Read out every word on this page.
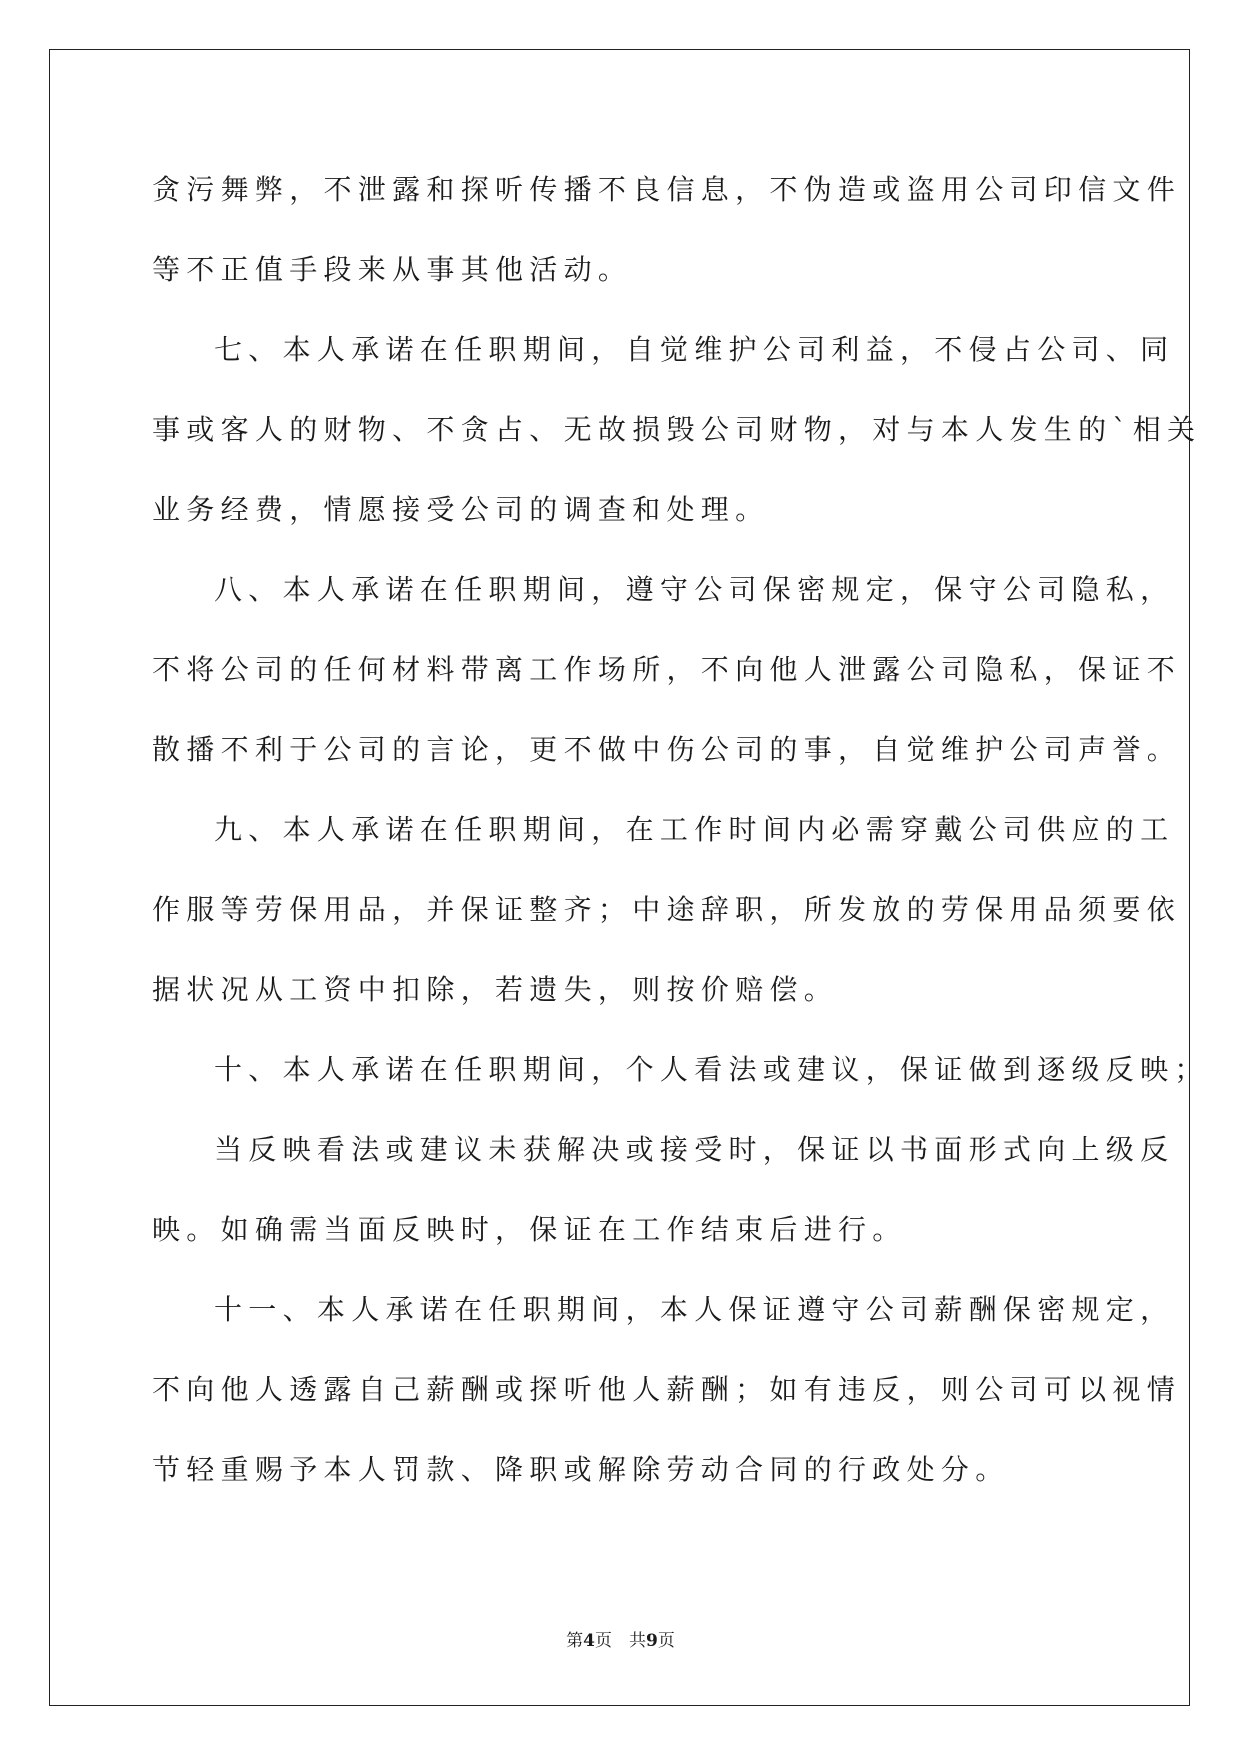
贪污舞弊，不泄露和探听传播不良信息，不伪造或盗用公司印信文件
等不正值手段来从事其他活动。
七、本人承诺在任职期间，自觉维护公司利益，不侵占公司、同
事或客人的财物、不贪占、无故损毁公司财物，对与本人发生的`相关
业务经费，情愿接受公司的调查和处理。
八、本人承诺在任职期间，遵守公司保密规定，保守公司隐私，
不将公司的任何材料带离工作场所，不向他人泄露公司隐私，保证不
散播不利于公司的言论，更不做中伤公司的事，自觉维护公司声誉。
九、本人承诺在任职期间，在工作时间内必需穿戴公司供应的工
作服等劳保用品，并保证整齐；中途辞职，所发放的劳保用品须要依
据状况从工资中扣除，若遗失，则按价赔偿。
十、本人承诺在任职期间，个人看法或建议，保证做到逐级反映；
当反映看法或建议未获解决或接受时，保证以书面形式向上级反
映。如确需当面反映时，保证在工作结束后进行。
十一、本人承诺在任职期间，本人保证遵守公司薪酬保密规定，
不向他人透露自己薪酬或探听他人薪酬；如有违反，则公司可以视情
节轻重赐予本人罚款、降职或解除劳动合同的行政处分。
第4页　共9页
